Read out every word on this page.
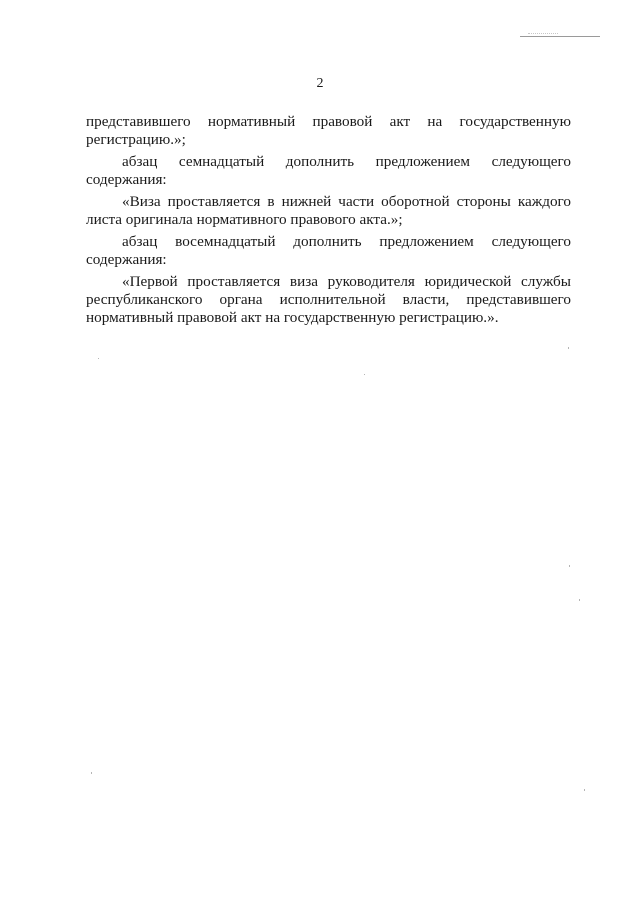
2

представившего нормативный правовой акт на государственную регистрацию.»;

абзац семнадцатый дополнить предложением следующего содержания:

«Виза проставляется в нижней части оборотной стороны каждого листа оригинала нормативного правового акта.»;

абзац восемнадцатый дополнить предложением следующего содержания:

«Первой проставляется виза руководителя юридической службы республиканского органа исполнительной власти, представившего нормативный правовой акт на государственную регистрацию.».
